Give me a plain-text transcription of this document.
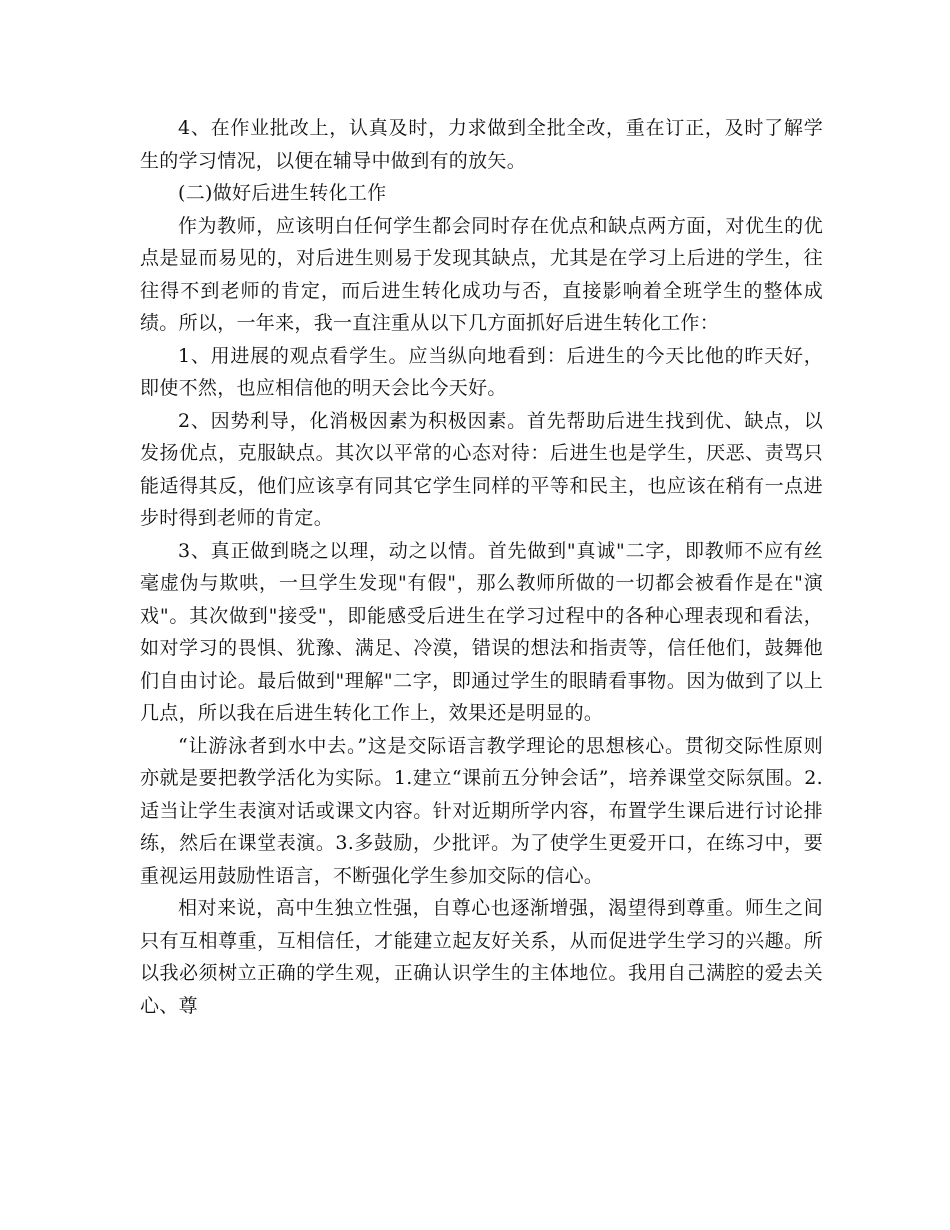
4、在作业批改上，认真及时，力求做到全批全改，重在订正，及时了解学生的学习情况，以便在辅导中做到有的放矢。

(二)做好后进生转化工作

作为教师，应该明白任何学生都会同时存在优点和缺点两方面，对优生的优点是显而易见的，对后进生则易于发现其缺点，尤其是在学习上后进的学生，往往得不到老师的肯定，而后进生转化成功与否，直接影响着全班学生的整体成绩。所以，一年来，我一直注重从以下几方面抓好后进生转化工作：

1、用进展的观点看学生。应当纵向地看到：后进生的今天比他的昨天好，即使不然，也应相信他的明天会比今天好。

2、因势利导，化消极因素为积极因素。首先帮助后进生找到优、缺点，以发扬优点，克服缺点。其次以平常的心态对待：后进生也是学生，厌恶、责骂只能适得其反，他们应该享有同其它学生同样的平等和民主，也应该在稍有一点进步时得到老师的肯定。

3、真正做到晓之以理，动之以情。首先做到"真诚"二字，即教师不应有丝毫虚伪与欺哄，一旦学生发现"有假"，那么教师所做的一切都会被看作是在"演戏"。其次做到"接受"，即能感受后进生在学习过程中的各种心理表现和看法，如对学习的畏惧、犹豫、满足、冷漠，错误的想法和指责等，信任他们，鼓舞他们自由讨论。最后做到"理解"二字，即通过学生的眼睛看事物。因为做到了以上几点，所以我在后进生转化工作上，效果还是明显的。

“让游泳者到水中去。”这是交际语言教学理论的思想核心。贯彻交际性原则亦就是要把教学活化为实际。1.建立“课前五分钟会话”，培养课堂交际氛围。2.适当让学生表演对话或课文内容。针对近期所学内容，布置学生课后进行讨论排练，然后在课堂表演。3.多鼓励，少批评。为了使学生更爱开口，在练习中，要重视运用鼓励性语言，不断强化学生参加交际的信心。

相对来说，高中生独立性强，自尊心也逐渐增强，渴望得到尊重。师生之间只有互相尊重，互相信任，才能建立起友好关系，从而促进学生学习的兴趣。所以我必须树立正确的学生观，正确认识学生的主体地位。我用自己满腔的爱去关心、尊
